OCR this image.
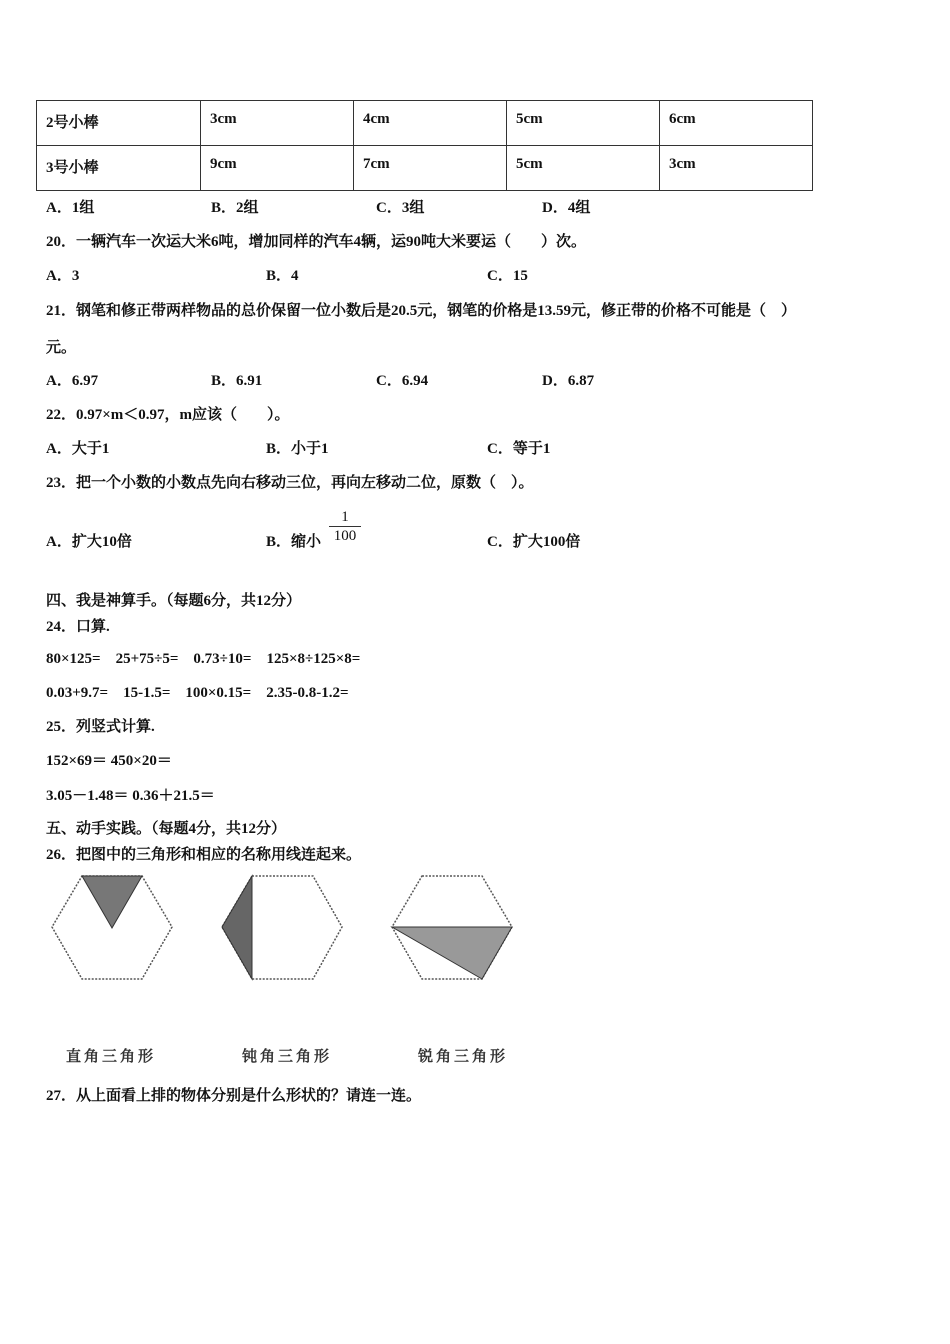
2号小棒	3cm	4cm	5cm	6cm
3号小棒	9cm	7cm	5cm	3cm
A．1组	B．2组	C．3组	D．4组
20．一辆汽车一次运大米6吨，增加同样的汽车4辆，运90吨大米要运（　　）次。
A．3	B．4	C．15
21．钢笔和修正带两样物品的总价保留一位小数后是20.5元，钢笔的价格是13.59元，修正带的价格不可能是（　）
元。
A．6.97	B．6.91	C．6.94	D．6.87
22．0.97×m＜0.97，m应该（　　）。
A．大于1	B．小于1	C．等于1
23．把一个小数的小数点先向右移动三位，再向左移动二位，原数（　）。
A．扩大10倍	B．缩小 $\frac{1}{100}$	C．扩大100倍
四、我是神算手。（每题6分，共12分）
24．口算.
80×125=　25+75÷5=　0.73÷10=　125×8÷125×8=
0.03+9.7=　15-1.5=　100×0.15=　2.35-0.8-1.2=
25．列竖式计算.
152×69＝ 450×20＝
3.05－1.48＝ 0.36＋21.5＝
五、动手实践。（每题4分，共12分）
26．把图中的三角形和相应的名称用线连起来。
直角三角形	钝角三角形	锐角三角形
27．从上面看上排的物体分别是什么形状的？请连一连。
